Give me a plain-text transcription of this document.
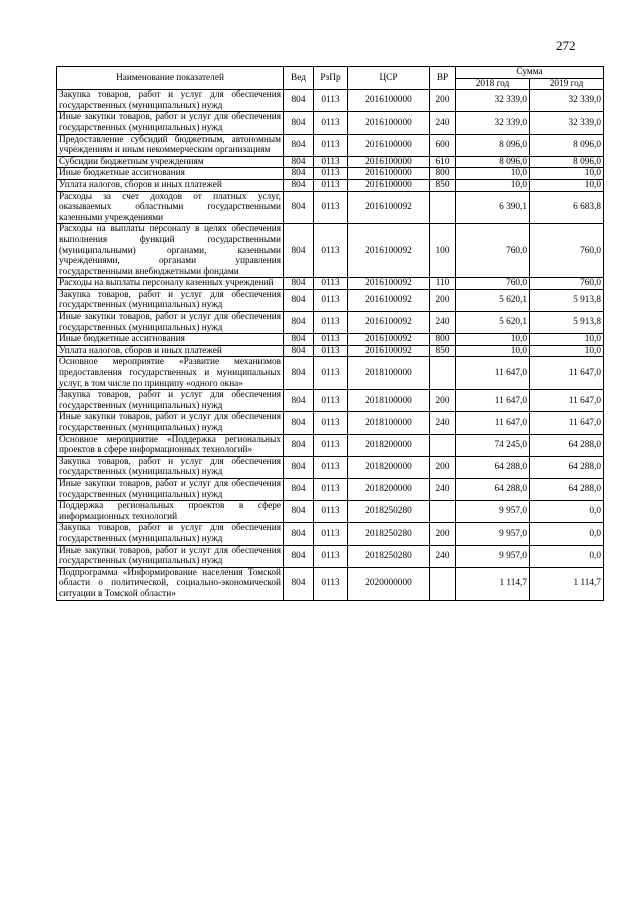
272
Наименование показателей	Вед	РзПр	ЦСР	ВР	Сумма	
					2018 год	2019 год
Закупка товаров, работ и услуг для обеспечения государственных (муниципальных) нужд	804	0113	2016100000	200	32 339,0	32 339,0
Иные закупки товаров, работ и услуг для обеспечения государственных (муниципальных) нужд	804	0113	2016100000	240	32 339,0	32 339,0
Предоставление субсидий бюджетным, автономным учреждениям и иным некоммерческим организациям	804	0113	2016100000	600	8 096,0	8 096,0
Субсидии бюджетным учреждениям	804	0113	2016100000	610	8 096,0	8 096,0
Иные бюджетные ассигнования	804	0113	2016100000	800	10,0	10,0
Уплата налогов, сборов и иных платежей	804	0113	2016100000	850	10,0	10,0
Расходы за счет доходов от платных услуг, оказываемых областными государственными казенными учреждениями	804	0113	2016100092		6 390,1	6 683,8
Расходы на выплаты персоналу в целях обеспечения выполнения функций государственными (муниципальными) органами, казенными учреждениями, органами управления государственными внебюджетными фондами	804	0113	2016100092	100	760,0	760,0
Расходы на выплаты персоналу казенных учреждений	804	0113	2016100092	110	760,0	760,0
Закупка товаров, работ и услуг для обеспечения государственных (муниципальных) нужд	804	0113	2016100092	200	5 620,1	5 913,8
Иные закупки товаров, работ и услуг для обеспечения государственных (муниципальных) нужд	804	0113	2016100092	240	5 620,1	5 913,8
Иные бюджетные ассигнования	804	0113	2016100092	800	10,0	10,0
Уплата налогов, сборов и иных платежей	804	0113	2016100092	850	10,0	10,0
Основное мероприятие «Развитие механизмов предоставления государственных и муниципальных услуг, в том числе по принципу «одного окна»	804	0113	2018100000		11 647,0	11 647,0
Закупка товаров, работ и услуг для обеспечения государственных (муниципальных) нужд	804	0113	2018100000	200	11 647,0	11 647,0
Иные закупки товаров, работ и услуг для обеспечения государственных (муниципальных) нужд	804	0113	2018100000	240	11 647,0	11 647,0
Основное мероприятие «Поддержка региональных проектов в сфере информационных технологий»	804	0113	2018200000		74 245,0	64 288,0
Закупка товаров, работ и услуг для обеспечения государственных (муниципальных) нужд	804	0113	2018200000	200	64 288,0	64 288,0
Иные закупки товаров, работ и услуг для обеспечения государственных (муниципальных) нужд	804	0113	2018200000	240	64 288,0	64 288,0
Поддержка региональных проектов в сфере информационных технологий	804	0113	2018250280		9 957,0	0,0
Закупка товаров, работ и услуг для обеспечения государственных (муниципальных) нужд	804	0113	2018250280	200	9 957,0	0,0
Иные закупки товаров, работ и услуг для обеспечения государственных (муниципальных) нужд	804	0113	2018250280	240	9 957,0	0,0
Подпрограмма «Информирование населения Томской области о политической, социально-экономической ситуации в Томской области»	804	0113	2020000000		1 114,7	1 114,7
